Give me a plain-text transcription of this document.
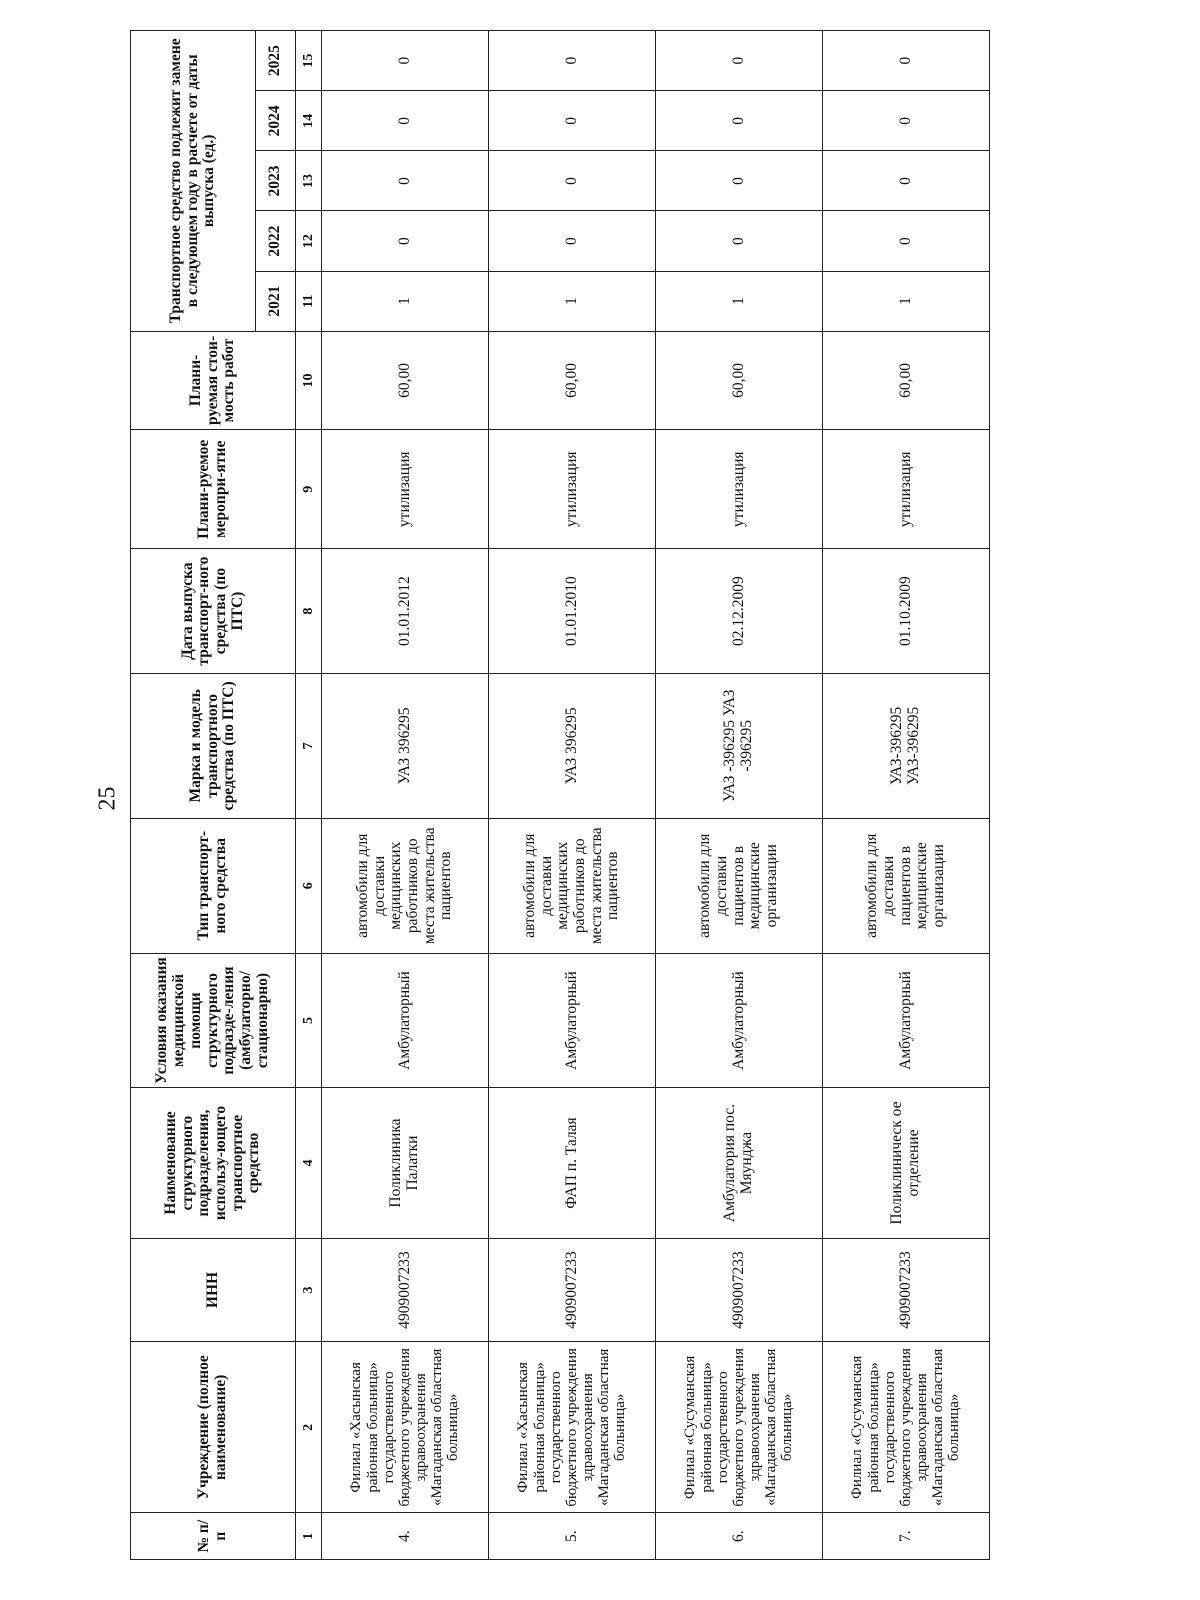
25
№ п/п	Учреждение (полное наименование)	ИНН	Наименование структурного подразделения, использу-ющего транспортное средство	Условия оказания медицинской помощи структурного подразде-ления (амбулаторно/стационарно)	Тип транспорт-ного средства	Марка и модель транспортного средства (по ПТС)	Дата выпуска транспорт-ного средства (по ПТС)	Плани-руемое меропри-ятие	Плани-руемая стои-мость работ	Транспортное средство подлежит замене в следующем году в расчете от даты выпуска (ед.)				
										2021	2022	2023	2024	2025
1	2	3	4	5	6	7	8	9	10	11	12	13	14	15
4.	Филиал «Хасынская районная больница» государственного бюджетного учреждения здравоохранения «Магаданская областная больница»	4909007233	Поликлиника Палатки	Амбулаторный	автомобили для доставки медицинских работников до места жительства пациентов	УАЗ 396295	01.01.2012	утилизация	60,00	1	0	0	0	0
5.	Филиал «Хасынская районная больница» государственного бюджетного учреждения здравоохранения «Магаданская областная больница»	4909007233	ФАП п. Талая	Амбулаторный	автомобили для доставки медицинских работников до места жительства пациентов	УАЗ 396295	01.01.2010	утилизация	60,00	1	0	0	0	0
6.	Филиал «Сусуманская районная больница» государственного бюджетного учреждения здравоохранения «Магаданская областная больница»	4909007233	Амбулатория пос. Мяунджа	Амбулаторный	автомобили для доставки пациентов в медицинские организации	УАЗ -396295 УАЗ -396295	02.12.2009	утилизация	60,00	1	0	0	0	0
7.	Филиал «Сусуманская районная больница» государственного бюджетного учреждения здравоохранения «Магаданская областная больница»	4909007233	Поликлиническ ое отделение	Амбулаторный	автомобили для доставки пациентов в медицинские организации	УАЗ-396295 УАЗ-396295	01.10.2009	утилизация	60,00	1	0	0	0	0
